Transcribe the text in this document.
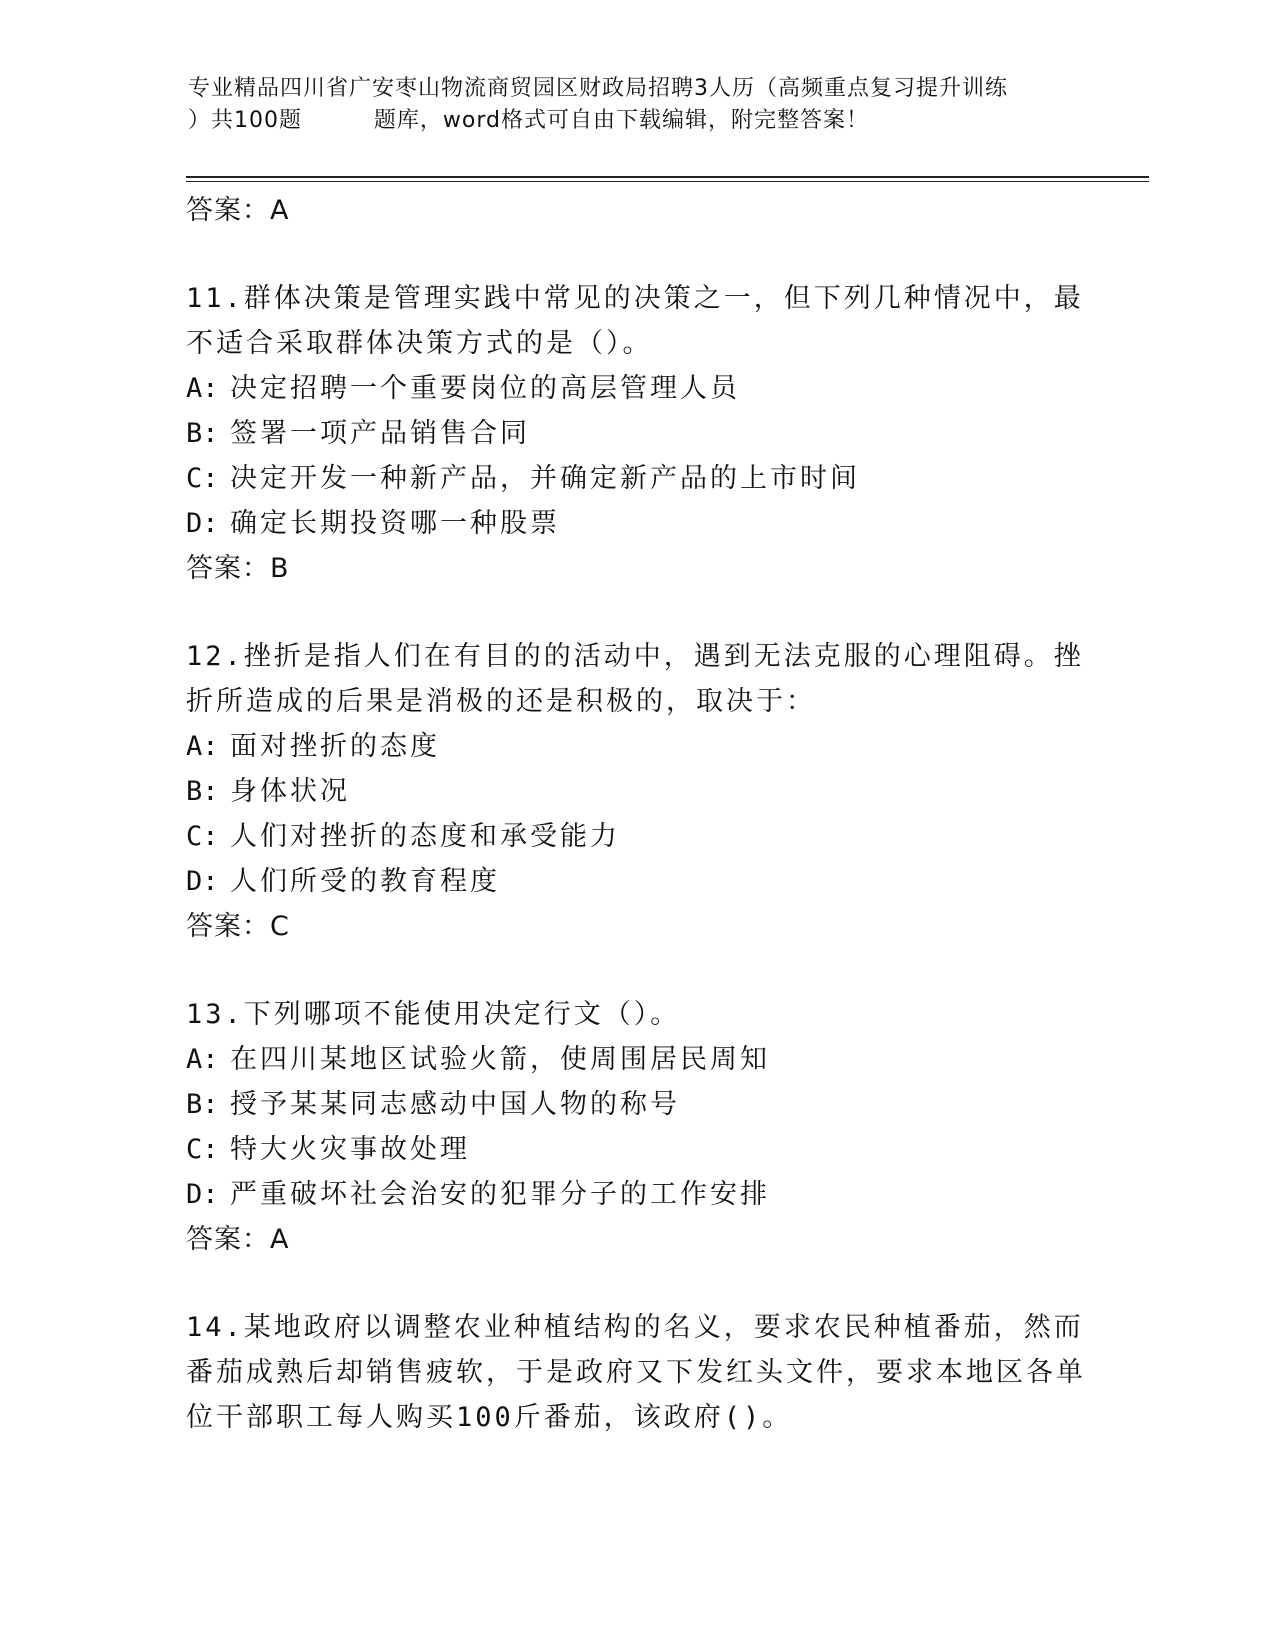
专业精品四川省广安枣山物流商贸园区财政局招聘3人历（高频重点复习提升训练
）共100题         题库，word格式可自由下载编辑，附完整答案！
答案：A
11.群体决策是管理实践中常见的决策之一，但下列几种情况中，最不适合采取群体决策方式的是（）。
A: 决定招聘一个重要岗位的高层管理人员
B: 签署一项产品销售合同
C: 决定开发一种新产品，并确定新产品的上市时间
D: 确定长期投资哪一种股票
答案：B
12.挫折是指人们在有目的的活动中，遇到无法克服的心理阻碍。挫折所造成的后果是消极的还是积极的，取决于：
A: 面对挫折的态度
B: 身体状况
C: 人们对挫折的态度和承受能力
D: 人们所受的教育程度
答案：C
13.下列哪项不能使用决定行文（）。
A: 在四川某地区试验火箭，使周围居民周知
B: 授予某某同志感动中国人物的称号
C: 特大火灾事故处理
D: 严重破坏社会治安的犯罪分子的工作安排
答案：A
14.某地政府以调整农业种植结构的名义，要求农民种植番茄，然而番茄成熟后却销售疲软，于是政府又下发红头文件，要求本地区各单位干部职工每人购买100斤番茄，该政府()。
